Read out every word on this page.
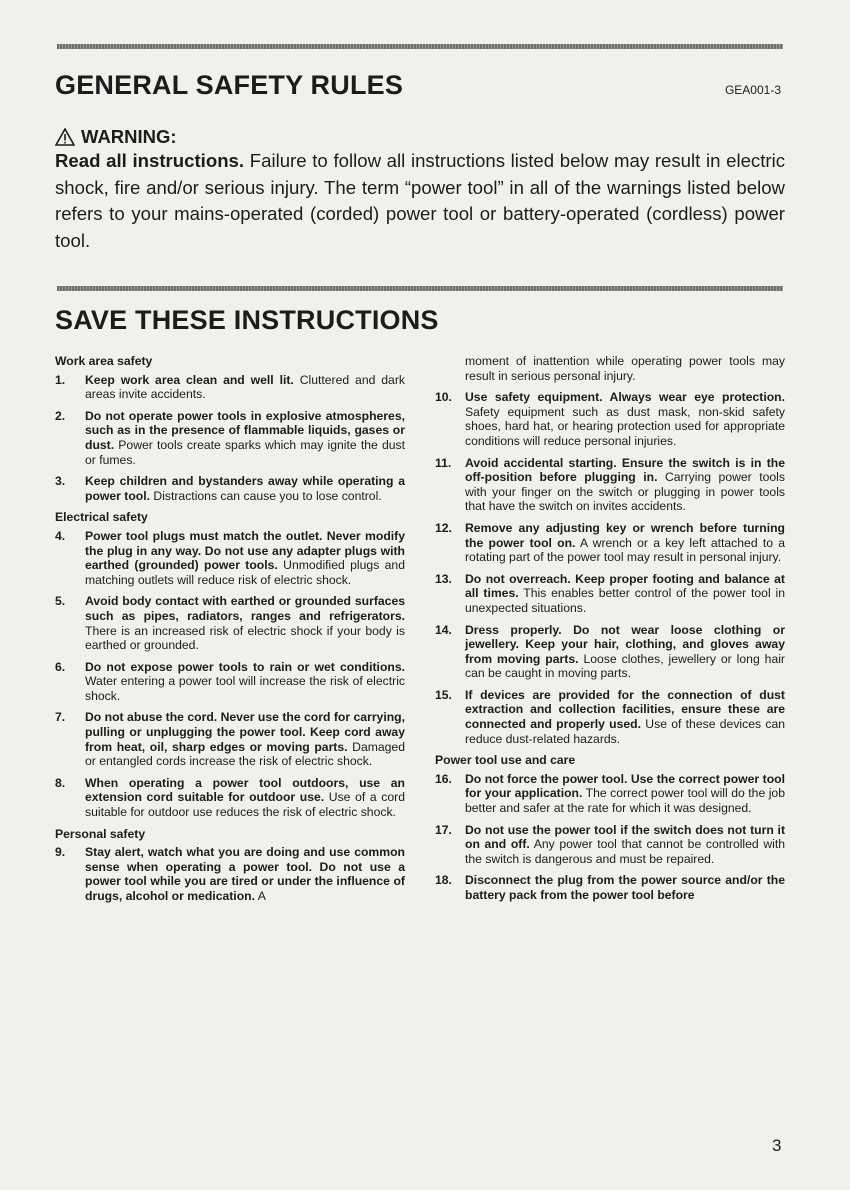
GENERAL SAFETY RULES	GEA001-3
WARNING:
Read all instructions. Failure to follow all instructions listed below may result in electric shock, fire and/or serious injury. The term “power tool” in all of the warnings listed below refers to your mains-operated (corded) power tool or battery-operated (cordless) power tool.
SAVE THESE INSTRUCTIONS
Work area safety
1.	Keep work area clean and well lit. Cluttered and dark areas invite accidents.
2.	Do not operate power tools in explosive atmospheres, such as in the presence of flammable liquids, gases or dust. Power tools create sparks which may ignite the dust or fumes.
3.	Keep children and bystanders away while operating a power tool. Distractions can cause you to lose control.
Electrical safety
4.	Power tool plugs must match the outlet. Never modify the plug in any way. Do not use any adapter plugs with earthed (grounded) power tools. Unmodified plugs and matching outlets will reduce risk of electric shock.
5.	Avoid body contact with earthed or grounded surfaces such as pipes, radiators, ranges and refrigerators. There is an increased risk of electric shock if your body is earthed or grounded.
6.	Do not expose power tools to rain or wet conditions. Water entering a power tool will increase the risk of electric shock.
7.	Do not abuse the cord. Never use the cord for carrying, pulling or unplugging the power tool. Keep cord away from heat, oil, sharp edges or moving parts. Damaged or entangled cords increase the risk of electric shock.
8.	When operating a power tool outdoors, use an extension cord suitable for outdoor use. Use of a cord suitable for outdoor use reduces the risk of electric shock.
Personal safety
9.	Stay alert, watch what you are doing and use common sense when operating a power tool. Do not use a power tool while you are tired or under the influence of drugs, alcohol or medication. A
moment of inattention while operating power tools may result in serious personal injury.
10.	Use safety equipment. Always wear eye protection. Safety equipment such as dust mask, non-skid safety shoes, hard hat, or hearing protection used for appropriate conditions will reduce personal injuries.
11.	Avoid accidental starting. Ensure the switch is in the off-position before plugging in. Carrying power tools with your finger on the switch or plugging in power tools that have the switch on invites accidents.
12.	Remove any adjusting key or wrench before turning the power tool on. A wrench or a key left attached to a rotating part of the power tool may result in personal injury.
13.	Do not overreach. Keep proper footing and balance at all times. This enables better control of the power tool in unexpected situations.
14.	Dress properly. Do not wear loose clothing or jewellery. Keep your hair, clothing, and gloves away from moving parts. Loose clothes, jewellery or long hair can be caught in moving parts.
15.	If devices are provided for the connection of dust extraction and collection facilities, ensure these are connected and properly used. Use of these devices can reduce dust-related hazards.
Power tool use and care
16.	Do not force the power tool. Use the correct power tool for your application. The correct power tool will do the job better and safer at the rate for which it was designed.
17.	Do not use the power tool if the switch does not turn it on and off. Any power tool that cannot be controlled with the switch is dangerous and must be repaired.
18.	Disconnect the plug from the power source and/or the battery pack from the power tool before
3
